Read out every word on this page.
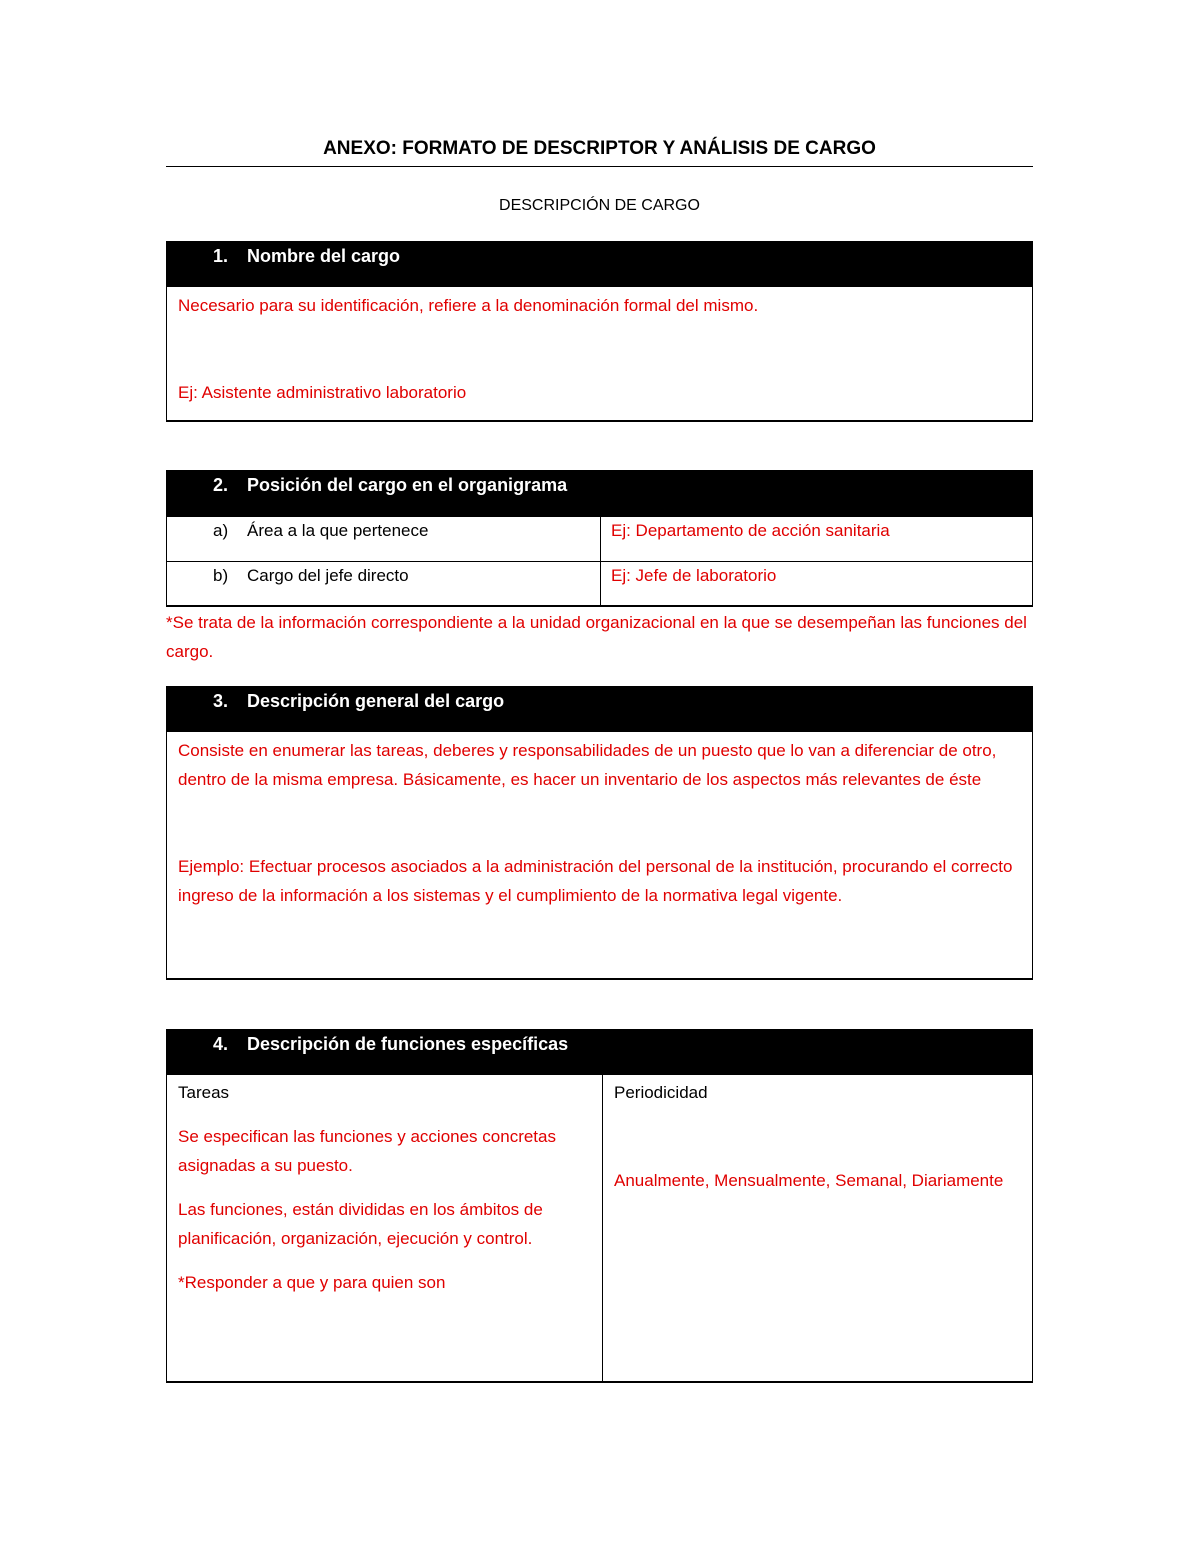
ANEXO: FORMATO DE DESCRIPTOR Y ANÁLISIS DE CARGO
DESCRIPCIÓN DE CARGO
1. Nombre del cargo
Necesario para su identificación, refiere a la denominación formal del mismo.
Ej: Asistente administrativo laboratorio
2. Posición del cargo en el organigrama
a) Área a la que pertenece	Ej: Departamento de acción sanitaria
b) Cargo del jefe directo	Ej: Jefe de laboratorio
*Se trata de la información correspondiente a la unidad organizacional en la que se desempeñan las funciones del cargo.
3. Descripción general del cargo
Consiste en enumerar las tareas, deberes y responsabilidades de un puesto que lo van a diferenciar de otro, dentro de la misma empresa. Básicamente, es hacer un inventario de los aspectos más relevantes de éste
Ejemplo: Efectuar procesos asociados a la administración del personal de la institución, procurando el correcto ingreso de la información a los sistemas y el cumplimiento de la normativa legal vigente.
4. Descripción de funciones específicas

Tareas

Se especifican las funciones y acciones concretas asignadas a su puesto.

Las funciones, están divididas en los ámbitos de planificación, organización, ejecución y control.

*Responder a que y para quien son

Periodicidad

Anualmente, Mensualmente, Semanal, Diariamente
